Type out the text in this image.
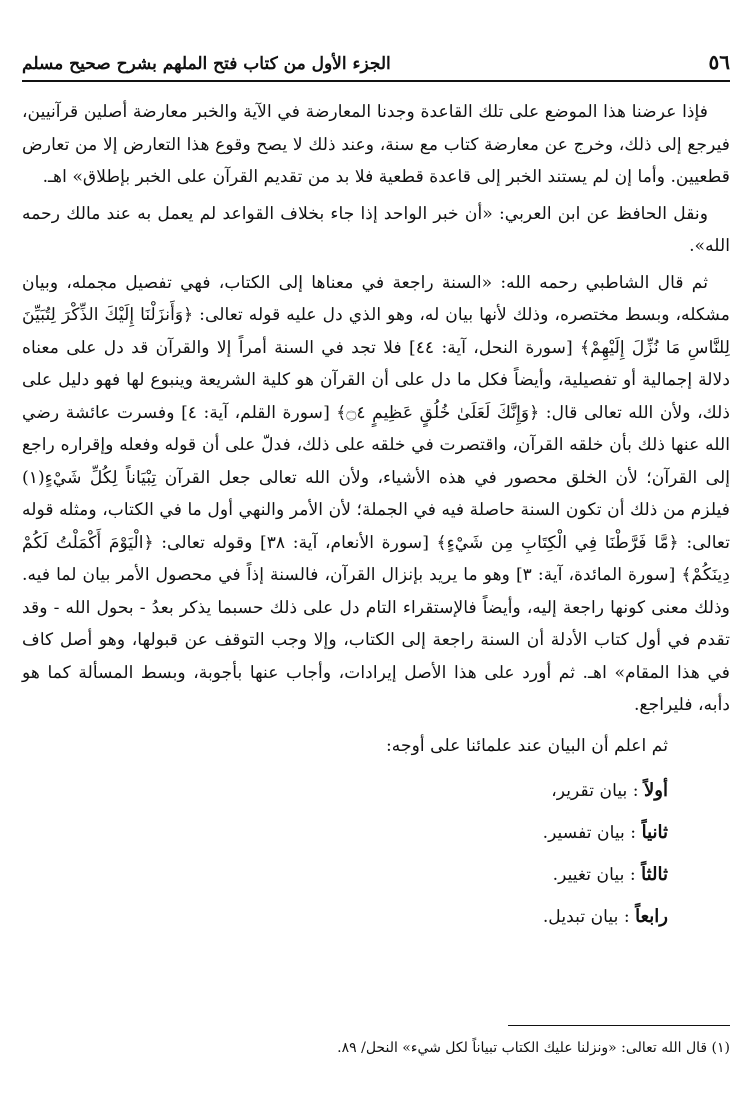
٥٦
الجزء الأول من كتاب فتح الملهم بشرح صحيح مسلم

فإذا عرضنا هذا الموضع على تلك القاعدة وجدنا المعارضة في الآية والخبر معارضة أصلين قرآنيين، فيرجع إلى ذلك، وخرج عن معارضة كتاب مع سنة، وعند ذلك لا يصح وقوع هذا التعارض إلا من تعارض قطعيين. وأما إن لم يستند الخبر إلى قاعدة قطعية فلا بد من تقديم القرآن على الخبر بإطلاق» اهـ.

ونقل الحافظ عن ابن العربي: «أن خبر الواحد إذا جاء بخلاف القواعد لم يعمل به عند مالك رحمه الله».

ثم قال الشاطبي رحمه الله: «السنة راجعة في معناها إلى الكتاب، فهي تفصيل مجمله، وبيان مشكله، وبسط مختصره، وذلك لأنها بيان له، وهو الذي دل عليه قوله تعالى: ﴿وَأَنزَلْنَا إِلَيْكَ الذِّكْرَ لِتُبَيِّنَ لِلنَّاسِ مَا نُزِّلَ إِلَيْهِمْ﴾ [سورة النحل، آية: ٤٤] فلا تجد في السنة أمراً إلا والقرآن قد دل على معناه دلالة إجمالية أو تفصيلية، وأيضاً فكل ما دل على أن القرآن هو كلية الشريعة وينبوع لها فهو دليل على ذلك، ولأن الله تعالى قال: ﴿وَإِنَّكَ لَعَلَىٰ خُلُقٍ عَظِيمٍ ۝٤﴾ [سورة القلم، آية: ٤] وفسرت عائشة رضي الله عنها ذلك بأن خلقه القرآن، واقتصرت في خلقه على ذلك، فدلّ على أن قوله وفعله وإقراره راجع إلى القرآن؛ لأن الخلق محصور في هذه الأشياء، ولأن الله تعالى جعل القرآن تِبْيَاناً لِكُلِّ شَيْءٍ(١) فيلزم من ذلك أن تكون السنة حاصلة فيه في الجملة؛ لأن الأمر والنهي أول ما في الكتاب، ومثله قوله تعالى: ﴿مَّا فَرَّطْنَا فِي الْكِتَابِ مِن شَيْءٍ﴾ [سورة الأنعام، آية: ٣٨] وقوله تعالى: ﴿الْيَوْمَ أَكْمَلْتُ لَكُمْ دِينَكُمْ﴾ [سورة المائدة، آية: ٣] وهو ما يريد بإنزال القرآن، فالسنة إذاً في محصول الأمر بيان لما فيه. وذلك معنى كونها راجعة إليه، وأيضاً فالإستقراء التام دل على ذلك حسبما يذكر بعدُ - بحول الله - وقد تقدم في أول كتاب الأدلة أن السنة راجعة إلى الكتاب، وإلا وجب التوقف عن قبولها، وهو أصل كاف في هذا المقام» اهـ. ثم أورد على هذا الأصل إيرادات، وأجاب عنها بأجوبة، وبسط المسألة كما هو دأبه، فليراجع.

ثم اعلم أن البيان عند علمائنا على أوجه:

أولاً : بيان تقرير،
ثانياً : بيان تفسير.
ثالثاً : بيان تغيير.
رابعاً : بيان تبديل.
(١) قال الله تعالى: «ونزلنا عليك الكتاب تبياناً لكل شيء» النحل/ ٨٩.
